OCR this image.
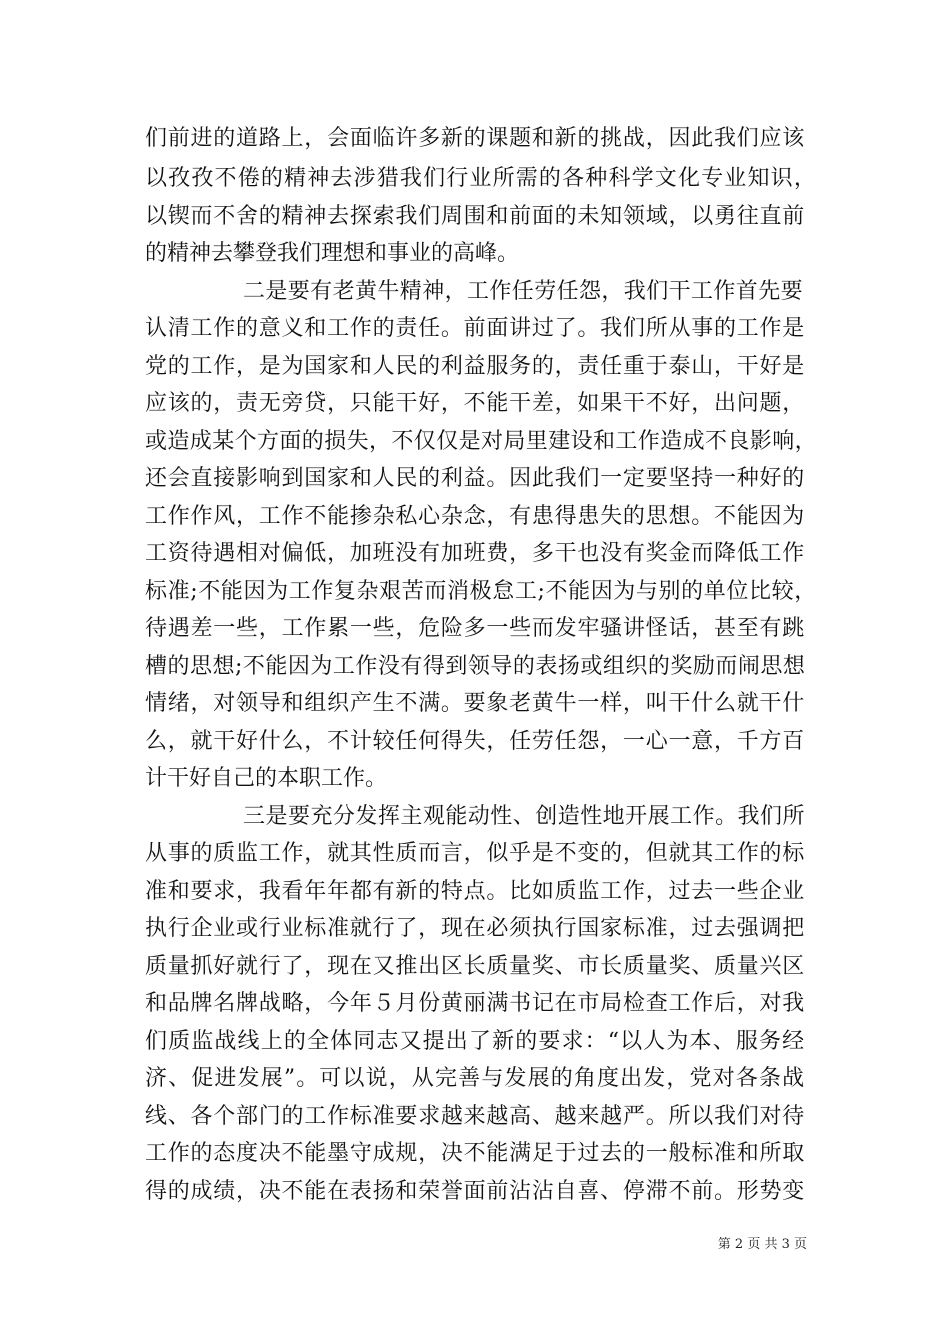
们前进的道路上，会面临许多新的课题和新的挑战，因此我们应该
以孜孜不倦的精神去涉猎我们行业所需的各种科学文化专业知识，
以锲而不舍的精神去探索我们周围和前面的未知领域，以勇往直前
的精神去攀登我们理想和事业的高峰。
二是要有老黄牛精神，工作任劳任怨，我们干工作首先要
认清工作的意义和工作的责任。前面讲过了。我们所从事的工作是
党的工作，是为国家和人民的利益服务的，责任重于泰山，干好是
应该的，责无旁贷，只能干好，不能干差，如果干不好，出问题，
或造成某个方面的损失，不仅仅是对局里建设和工作造成不良影响，
还会直接影响到国家和人民的利益。因此我们一定要坚持一种好的
工作作风，工作不能掺杂私心杂念，有患得患失的思想。不能因为
工资待遇相对偏低，加班没有加班费，多干也没有奖金而降低工作
标准;不能因为工作复杂艰苦而消极怠工;不能因为与别的单位比较，
待遇差一些，工作累一些，危险多一些而发牢骚讲怪话，甚至有跳
槽的思想;不能因为工作没有得到领导的表扬或组织的奖励而闹思想
情绪，对领导和组织产生不满。要象老黄牛一样，叫干什么就干什
么，就干好什么，不计较任何得失，任劳任怨，一心一意，千方百
计干好自己的本职工作。
三是要充分发挥主观能动性、创造性地开展工作。我们所
从事的质监工作，就其性质而言，似乎是不变的，但就其工作的标
准和要求，我看年年都有新的特点。比如质监工作，过去一些企业
执行企业或行业标准就行了，现在必须执行国家标准，过去强调把
质量抓好就行了，现在又推出区长质量奖、市长质量奖、质量兴区
和品牌名牌战略，今年５月份黄丽满书记在市局检查工作后，对我
们质监战线上的全体同志又提出了新的要求：“以人为本、服务经
济、促进发展”。可以说，从完善与发展的角度出发，党对各条战
线、各个部门的工作标准要求越来越高、越来越严。所以我们对待
工作的态度决不能墨守成规，决不能满足于过去的一般标准和所取
得的成绩，决不能在表扬和荣誉面前沾沾自喜、停滞不前。形势变
第 2 页 共 3 页
